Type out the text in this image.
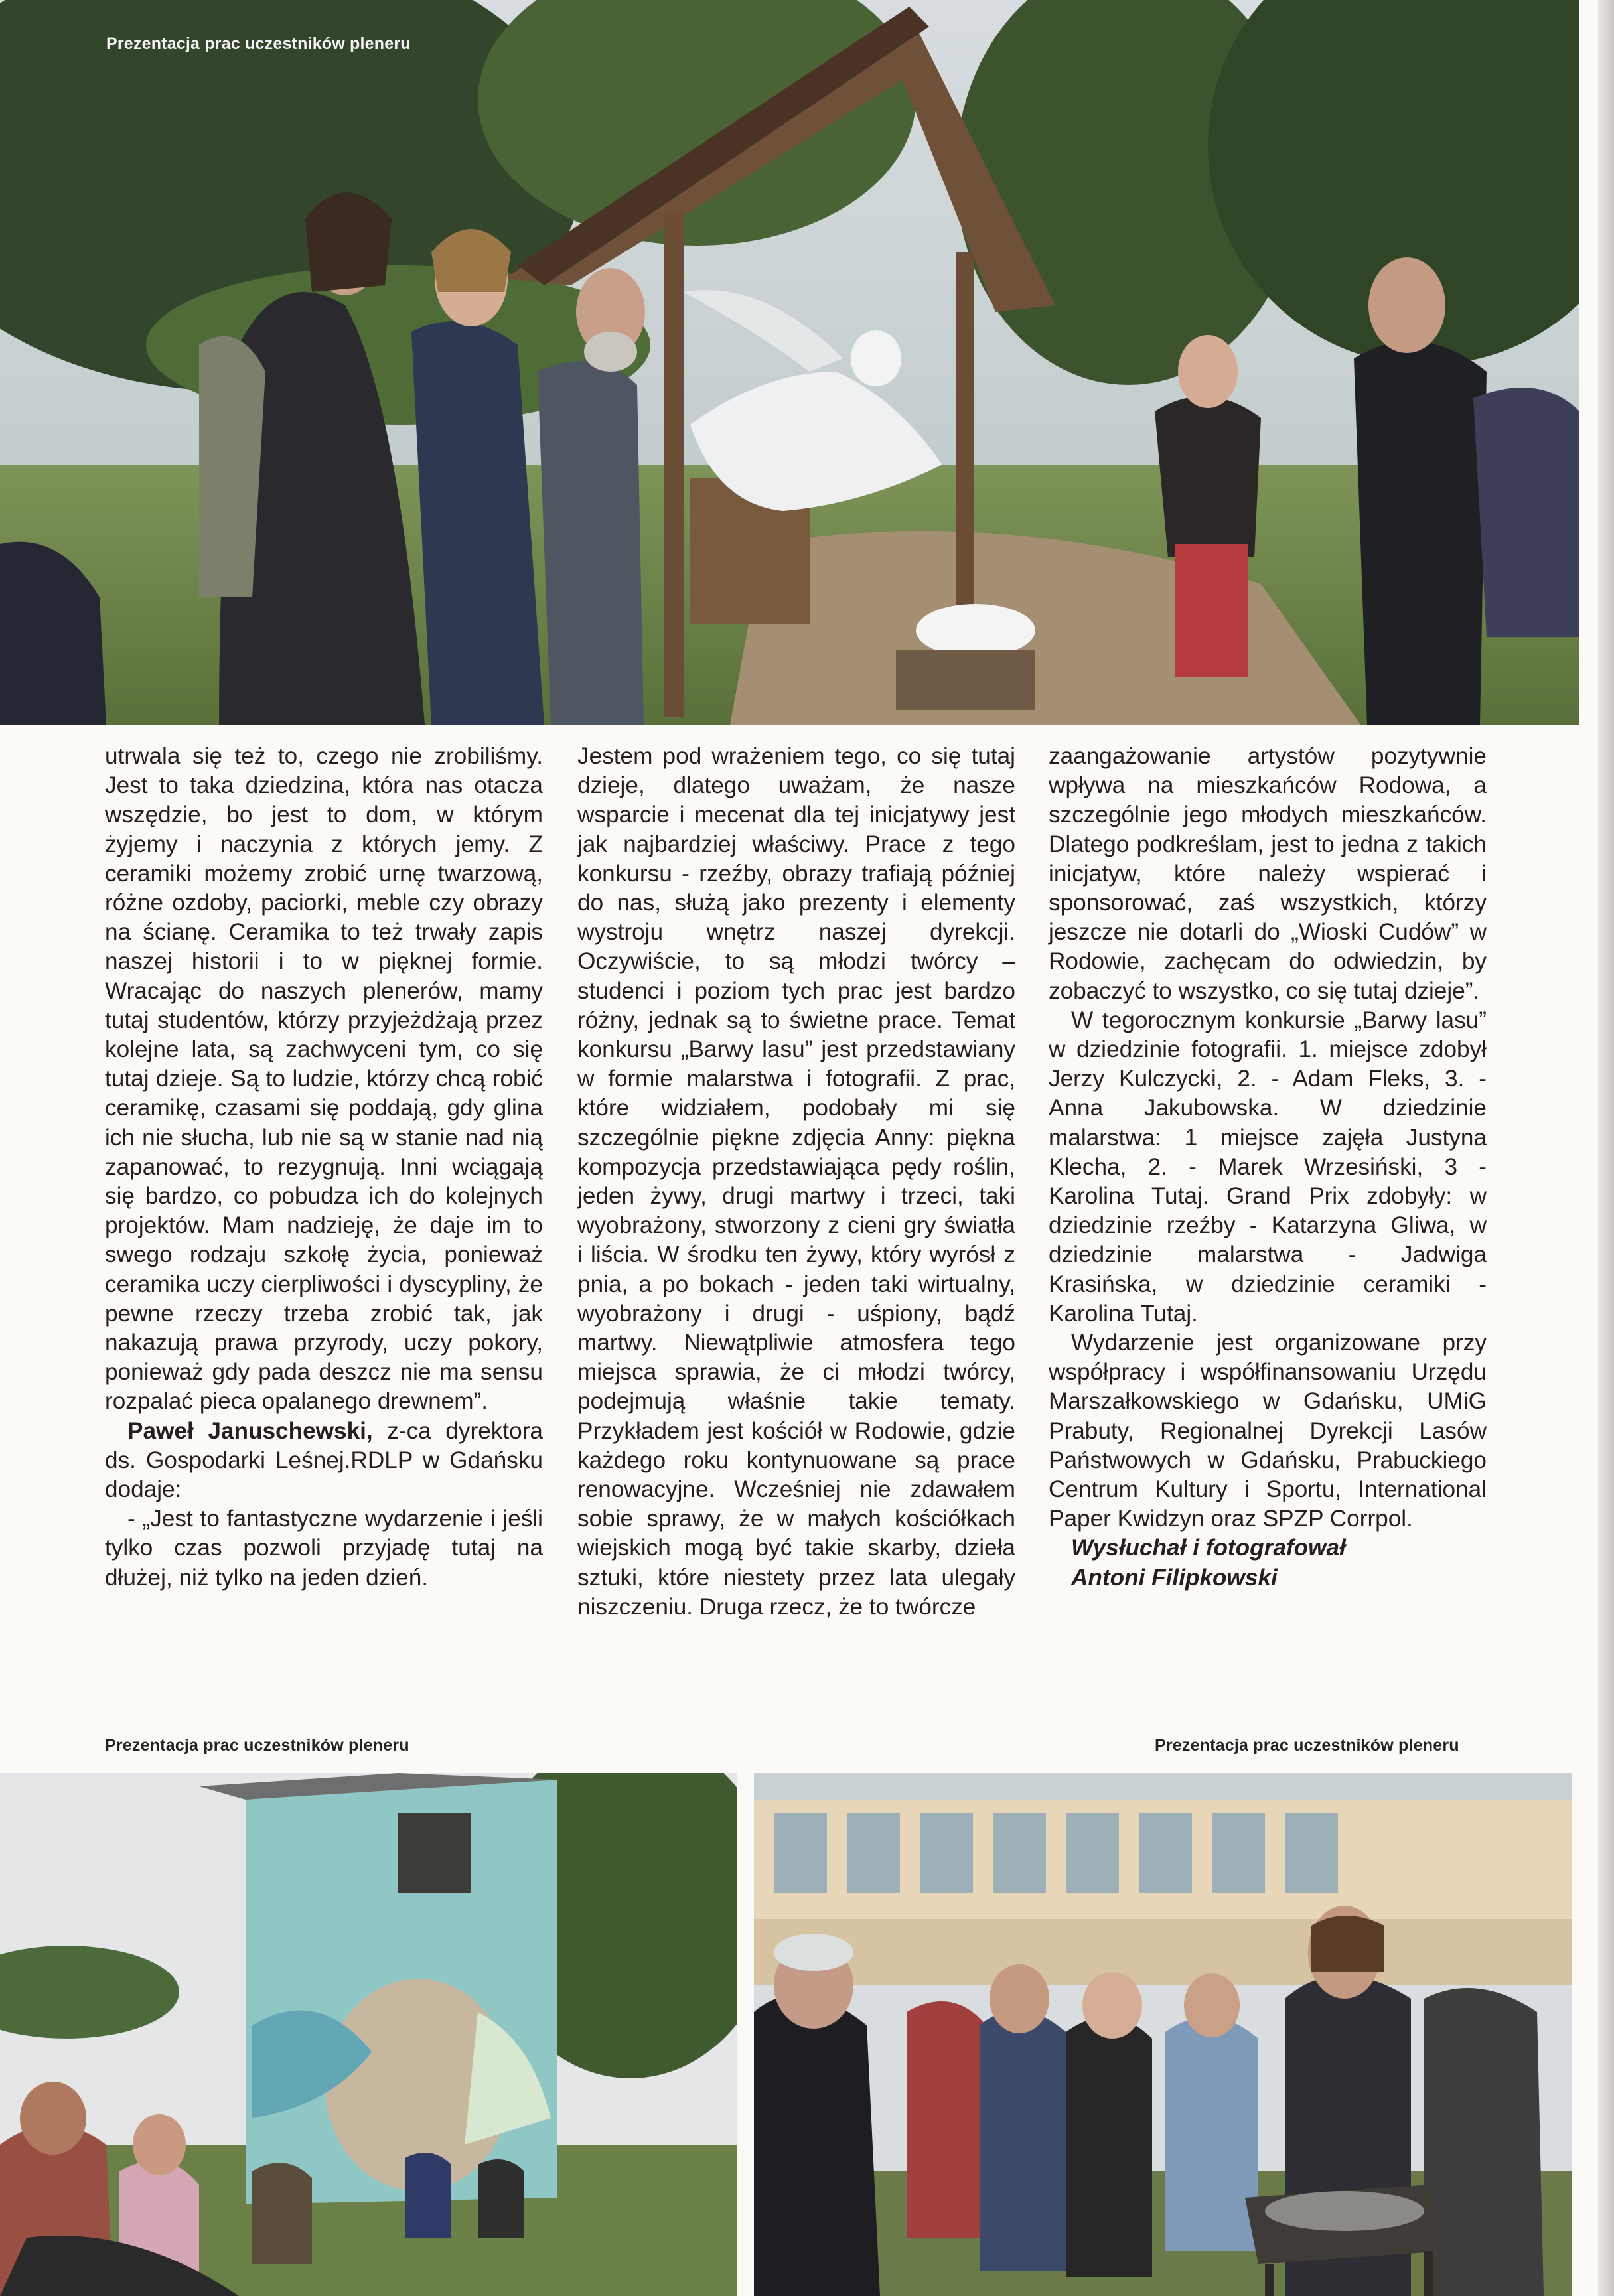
Prezentacja prac uczestników pleneru

utrwala się też to, czego nie zrobiliśmy. Jest to taka dziedzina, która nas otacza wszędzie, bo jest to dom, w którym żyjemy i naczynia z których jemy. Z ceramiki możemy zrobić urnę twarzową, różne ozdoby, paciorki, meble czy obrazy na ścianę. Ceramika to też trwały zapis naszej historii i to w pięknej formie. Wracając do naszych plenerów, mamy tutaj studentów, którzy przyjeżdżają przez kolejne lata, są zachwyceni tym, co się tutaj dzieje. Są to ludzie, którzy chcą robić ceramikę, czasami się poddają, gdy glina ich nie słucha, lub nie są w stanie nad nią zapanować, to rezygnują. Inni wciągają się bardzo, co pobudza ich do kolejnych projektów. Mam nadzieję, że daje im to swego rodzaju szkołę życia, ponieważ ceramika uczy cierpliwości i dyscypliny, że pewne rzeczy trzeba zrobić tak, jak nakazują prawa przyrody, uczy pokory, ponieważ gdy pada deszcz nie ma sensu rozpalać pieca opalanego drewnem”.

Paweł Januschewski, z-ca dyrektora ds. Gospodarki Leśnej.RDLP w Gdańsku dodaje:

- „Jest to fantastyczne wydarzenie i jeśli tylko czas pozwoli przyjadę tutaj na dłużej, niż tylko na jeden dzień.

Jestem pod wrażeniem tego, co się tutaj dzieje, dlatego uważam, że nasze wsparcie i mecenat dla tej inicjatywy jest jak najbardziej właściwy. Prace z tego konkursu - rzeźby, obrazy trafiają później do nas, służą jako prezenty i elementy wystroju wnętrz naszej dyrekcji. Oczywiście, to są młodzi twórcy – studenci i poziom tych prac jest bardzo różny, jednak są to świetne prace. Temat konkursu „Barwy lasu” jest przedstawiany w formie malarstwa i fotografii. Z prac, które widziałem, podobały mi się szczególnie piękne zdjęcia Anny: piękna kompozycja przedstawiająca pędy roślin, jeden żywy, drugi martwy i trzeci, taki wyobrażony, stworzony z cieni gry światła i liścia. W środku ten żywy, który wyrósł z pnia, a po bokach - jeden taki wirtualny, wyobrażony i drugi - uśpiony, bądź martwy. Niewątpliwie atmosfera tego miejsca sprawia, że ci młodzi twórcy, podejmują właśnie takie tematy. Przykładem jest kościół w Rodowie, gdzie każdego roku kontynuowane są prace renowacyjne. Wcześniej nie zdawałem sobie sprawy, że w małych kościółkach wiejskich mogą być takie skarby, dzieła sztuki, które niestety przez lata ulegały niszczeniu. Druga rzecz, że to twórcze

zaangażowanie artystów pozytywnie wpływa na mieszkańców Rodowa, a szczególnie jego młodych mieszkańców. Dlatego podkreślam, jest to jedna z takich inicjatyw, które należy wspierać i sponsorować, zaś wszystkich, którzy jeszcze nie dotarli do „Wioski Cudów” w Rodowie, zachęcam do odwiedzin, by zobaczyć to wszystko, co się tutaj dzieje”.

W tegorocznym konkursie „Barwy lasu” w dziedzinie fotografii. 1. miejsce zdobył Jerzy Kulczycki, 2. - Adam Fleks, 3. - Anna Jakubowska. W dziedzinie malarstwa: 1 miejsce zajęła Justyna Klecha, 2. - Marek Wrzesiński, 3 - Karolina Tutaj. Grand Prix zdobyły: w dziedzinie rzeźby - Katarzyna Gliwa, w dziedzinie malarstwa - Jadwiga Krasińska, w dziedzinie ceramiki - Karolina Tutaj.

Wydarzenie jest organizowane przy współpracy i współfinansowaniu Urzędu Marszałkowskiego w Gdańsku, UMiG Prabuty, Regionalnej Dyrekcji Lasów Państwowych w Gdańsku, Prabuckiego Centrum Kultury i Sportu, International Paper Kwidzyn oraz SPZP Corrpol.

Wysłuchał i fotografował

Antoni Filipkowski

Prezentacja prac uczestników pleneru	Prezentacja prac uczestników pleneru
